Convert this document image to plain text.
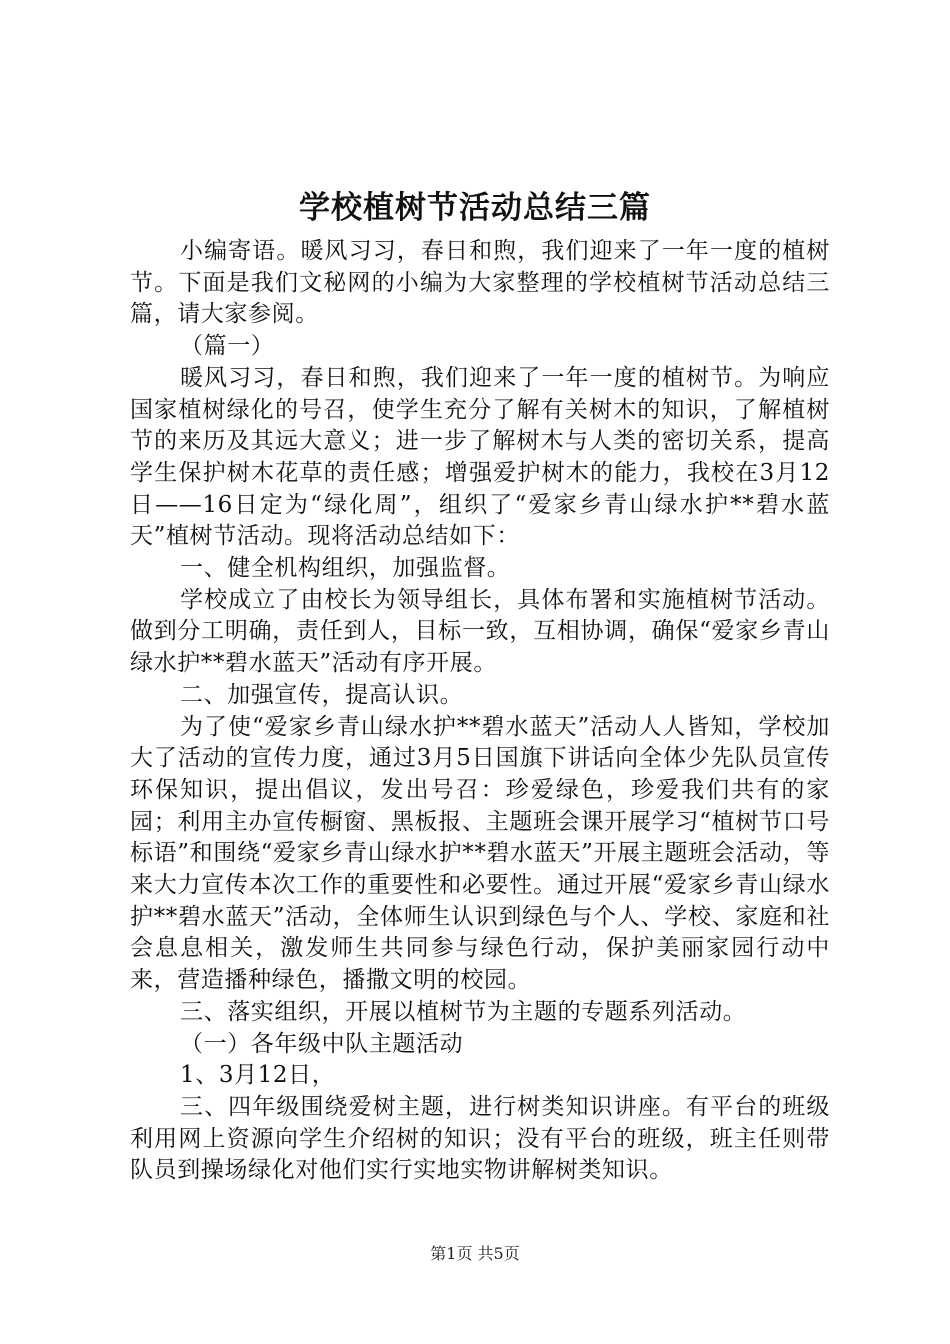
学校植树节活动总结三篇

小编寄语。暖风习习，春日和煦，我们迎来了一年一度的植树节。下面是我们文秘网的小编为大家整理的学校植树节活动总结三篇，请大家参阅。

（篇一）

暖风习习，春日和煦，我们迎来了一年一度的植树节。为响应国家植树绿化的号召，使学生充分了解有关树木的知识，了解植树节的来历及其远大意义；进一步了解树木与人类的密切关系，提高学生保护树木花草的责任感；增强爱护树木的能力，我校在3月12日——16日定为“绿化周”，组织了“爱家乡青山绿水护**碧水蓝天”植树节活动。现将活动总结如下：

一、健全机构组织，加强监督。

学校成立了由校长为领导组长，具体布署和实施植树节活动。做到分工明确，责任到人，目标一致，互相协调，确保“爱家乡青山绿水护**碧水蓝天”活动有序开展。

二、加强宣传，提高认识。

为了使“爱家乡青山绿水护**碧水蓝天”活动人人皆知，学校加大了活动的宣传力度，通过3月5日国旗下讲话向全体少先队员宣传环保知识，提出倡议，发出号召：珍爱绿色，珍爱我们共有的家园；利用主办宣传橱窗、黑板报、主题班会课开展学习“植树节口号标语”和围绕“爱家乡青山绿水护**碧水蓝天”开展主题班会活动，等来大力宣传本次工作的重要性和必要性。通过开展“爱家乡青山绿水护**碧水蓝天”活动，全体师生认识到绿色与个人、学校、家庭和社会息息相关，激发师生共同参与绿色行动，保护美丽家园行动中来，营造播种绿色，播撒文明的校园。

三、落实组织，开展以植树节为主题的专题系列活动。

（一）各年级中队主题活动

1、3月12日，

三、四年级围绕爱树主题，进行树类知识讲座。有平台的班级利用网上资源向学生介绍树的知识；没有平台的班级，班主任则带队员到操场绿化对他们实行实地实物讲解树类知识。

第1页 共5页
